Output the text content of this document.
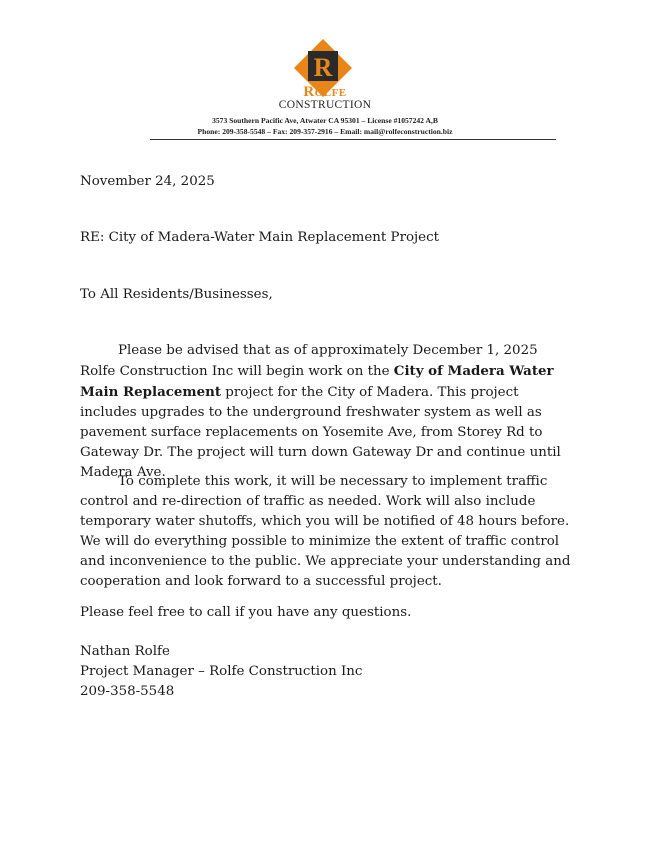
R
Rolfe
CONSTRUCTION
3573 Southern Pacific Ave, Atwater CA 95301 – License #1057242 A,B
Phone: 209-358-5548 – Fax: 209-357-2916 – Email: mail@rolfeconstruction.biz
November 24, 2025
RE: City of Madera-Water Main Replacement Project
To All Residents/Businesses,
Please be advised that as of approximately December 1, 2025 Rolfe Construction Inc will begin work on the City of Madera Water Main Replacement project for the City of Madera. This project includes upgrades to the underground freshwater system as well as pavement surface replacements on Yosemite Ave, from Storey Rd to Gateway Dr. The project will turn down Gateway Dr and continue until Madera Ave.
To complete this work, it will be necessary to implement traffic control and re-direction of traffic as needed. Work will also include temporary water shutoffs, which you will be notified of 48 hours before. We will do everything possible to minimize the extent of traffic control and inconvenience to the public. We appreciate your understanding and cooperation and look forward to a successful project.
Please feel free to call if you have any questions.
Nathan Rolfe
Project Manager – Rolfe Construction Inc
209-358-5548
